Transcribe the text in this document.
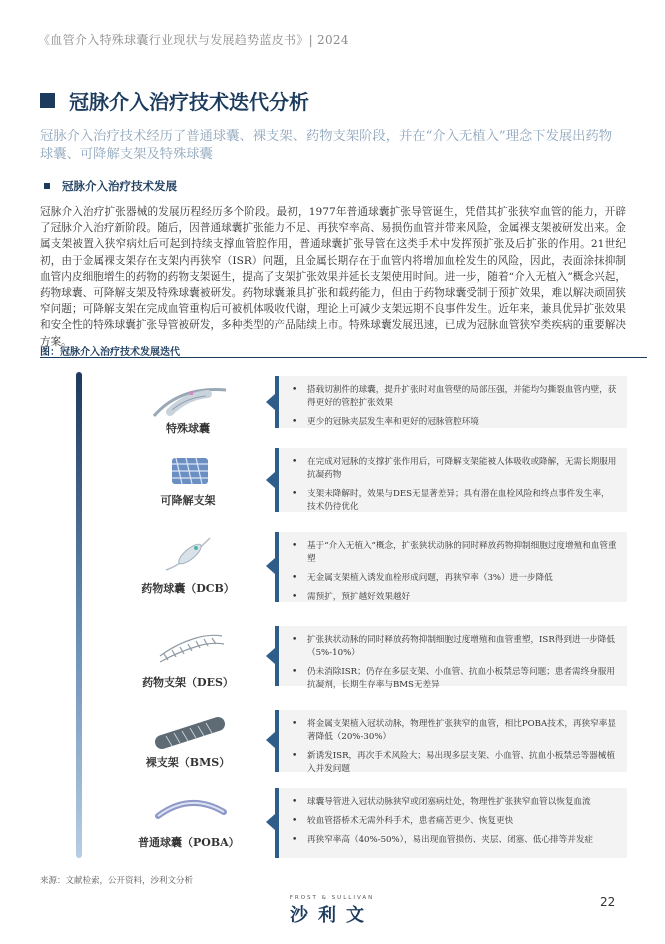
《血管介入特殊球囊行业现状与发展趋势蓝皮书》| 2024
冠脉介入治疗技术迭代分析
冠脉介入治疗技术经历了普通球囊、裸支架、药物支架阶段，并在“介入无植入”理念下发展出药物球囊、可降解支架及特殊球囊
冠脉介入治疗技术发展
冠脉介入治疗扩张器械的发展历程经历多个阶段。最初，1977年普通球囊扩张导管诞生，凭借其扩张狭窄血管的能力，开辟了冠脉介入治疗新阶段。随后，因普通球囊扩张能力不足、再狭窄率高、易损伤血管并带来风险，金属裸支架被研发出来。金属支架被置入狭窄病灶后可起到持续支撑血管腔作用，普通球囊扩张导管在这类手术中发挥预扩张及后扩张的作用。21世纪初，由于金属裸支架存在支架内再狭窄（ISR）问题，且金属长期存在于血管内将增加血栓发生的风险，因此，表面涂抹抑制血管内皮细胞增生的药物的药物支架诞生，提高了支架扩张效果并延长支架使用时间。进一步，随着“介入无植入”概念兴起，药物球囊、可降解支架及特殊球囊被研发。药物球囊兼具扩张和载药能力，但由于药物球囊受制于预扩效果，难以解决顽固狭窄问题；可降解支架在完成血管重构后可被机体吸收代谢，理论上可减少支架远期不良事件发生。近年来，兼具优异扩张效果和安全性的特殊球囊扩张导管被研发，多种类型的产品陆续上市。特殊球囊发展迅速，已成为冠脉血管狭窄类疾病的重要解决方案。
图：冠脉介入治疗技术发展迭代
特殊球囊
• 搭载切割件的球囊，提升扩张时对血管壁的局部压强，并能均匀撕裂血管内壁，获得更好的管腔扩张效果
• 更少的冠脉夹层发生率和更好的冠脉管腔环境
可降解支架
• 在完成对冠脉的支撑扩张作用后，可降解支架能被人体吸收或降解，无需长期服用抗凝药物
• 支架未降解时，效果与DES无显著差异；具有潜在血栓风险和终点事件发生率，技术仍待优化
药物球囊（DCB）
• 基于“介入无植入”概念，扩张狭状动脉的同时释放药物抑制细胞过度增殖和血管重塑
• 无金属支架植入诱发血栓形成问题，再狭窄率（3%）进一步降低
• 需预扩，预扩越好效果越好
药物支架（DES）
• 扩张狭状动脉的同时释放药物抑制细胞过度增殖和血管重塑，ISR得到进一步降低（5%-10%）
• 仍未消除ISR；仍存在多层支架、小血管、抗血小板禁忌等问题；患者需终身服用抗凝剂，长期生存率与BMS无差异
裸支架（BMS）
• 将金属支架植入冠状动脉，物理性扩张狭窄的血管，相比POBA技术，再狭窄率显著降低（20%-30%）
• 新诱发ISR，再次手术风险大；易出现多层支架、小血管、抗血小板禁忌等器械植入并发问题
普通球囊（POBA）
• 球囊导管进入冠状动脉狭窄或闭塞病灶处，物理性扩张狭窄血管以恢复血流
• 较血管搭桥术无需外科手术，患者痛苦更少、恢复更快
• 再狭窄率高（40%-50%），易出现血管损伤、夹层、闭塞、低心排等并发症
来源：文献检索，公开资料，沙利文分析
FROST & SULLIVAN
沙利文
22
